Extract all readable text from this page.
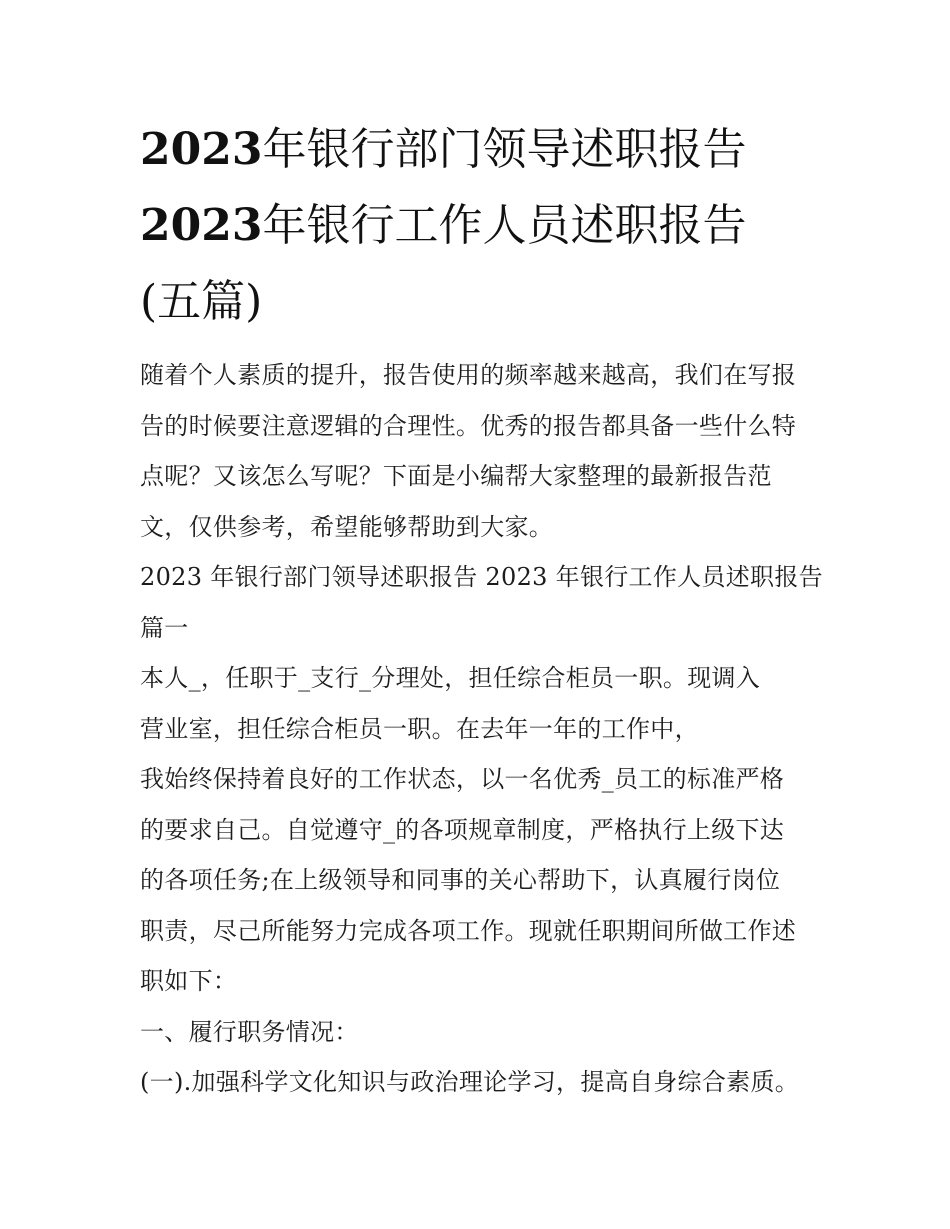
2023年银行部门领导述职报告
2023年银行工作人员述职报告
(五篇)
随着个人素质的提升，报告使用的频率越来越高，我们在写报
告的时候要注意逻辑的合理性。优秀的报告都具备一些什么特
点呢？又该怎么写呢？下面是小编帮大家整理的最新报告范
文，仅供参考，希望能够帮助到大家。
2023 年银行部门领导述职报告 2023 年银行工作人员述职报告
篇一
本人_，任职于_支行_分理处，担任综合柜员一职。现调入
营业室，担任综合柜员一职。在去年一年的工作中，
我始终保持着良好的工作状态，以一名优秀_员工的标准严格
的要求自己。自觉遵守_的各项规章制度，严格执行上级下达
的各项任务;在上级领导和同事的关心帮助下，认真履行岗位
职责，尽己所能努力完成各项工作。现就任职期间所做工作述
职如下：
一、履行职务情况：
(一).加强科学文化知识与政治理论学习，提高自身综合素质。
